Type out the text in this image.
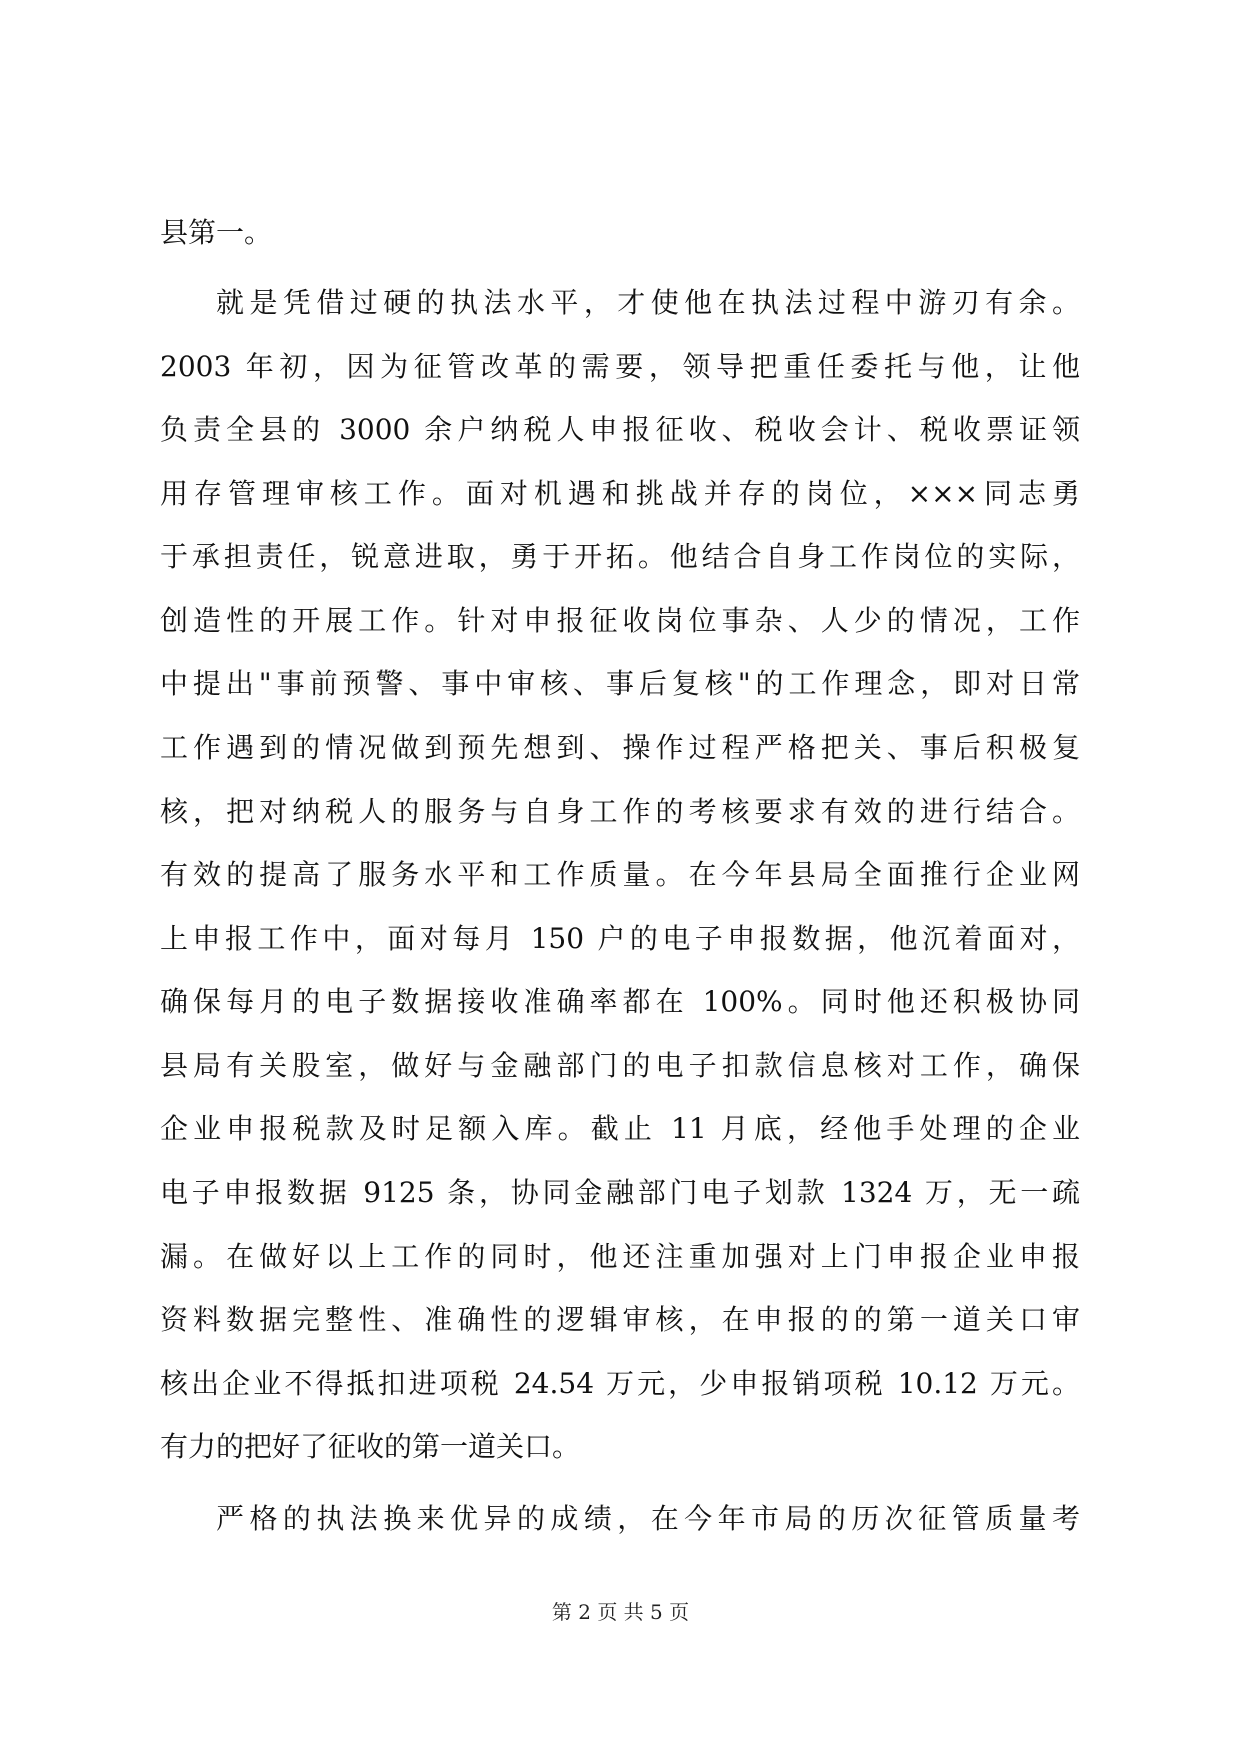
县第一。
就是凭借过硬的执法水平，才使他在执法过程中游刃有余。
2003 年初，因为征管改革的需要，领导把重任委托与他，让他
负责全县的 3000 余户纳税人申报征收、税收会计、税收票证领
用存管理审核工作。面对机遇和挑战并存的岗位，×××同志勇
于承担责任，锐意进取，勇于开拓。他结合自身工作岗位的实际，
创造性的开展工作。针对申报征收岗位事杂、人少的情况，工作
中提出"事前预警、事中审核、事后复核"的工作理念，即对日常
工作遇到的情况做到预先想到、操作过程严格把关、事后积极复
核，把对纳税人的服务与自身工作的考核要求有效的进行结合。
有效的提高了服务水平和工作质量。在今年县局全面推行企业网
上申报工作中，面对每月 150 户的电子申报数据，他沉着面对，
确保每月的电子数据接收准确率都在 100%。同时他还积极协同
县局有关股室，做好与金融部门的电子扣款信息核对工作，确保
企业申报税款及时足额入库。截止 11 月底，经他手处理的企业
电子申报数据 9125 条，协同金融部门电子划款 1324 万，无一疏
漏。在做好以上工作的同时，他还注重加强对上门申报企业申报
资料数据完整性、准确性的逻辑审核，在申报的的第一道关口审
核出企业不得抵扣进项税 24.54 万元，少申报销项税 10.12 万元。
有力的把好了征收的第一道关口。
严格的执法换来优异的成绩，在今年市局的历次征管质量考
第 2 页 共 5 页
